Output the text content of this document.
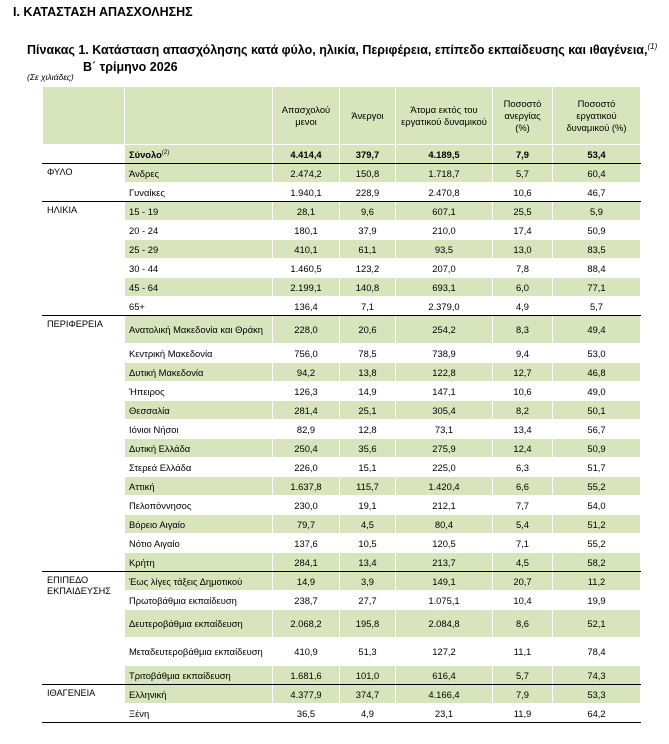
Ι. ΚΑΤΑΣΤΑΣΗ ΑΠΑΣΧΟΛΗΣΗΣ
Πίνακας 1. Κατάσταση απασχόλησης κατά φύλο, ηλικία, Περιφέρεια, επίπεδο εκπαίδευσης και ιθαγένεια,$^{(1)}$
Β΄ τρίμηνο 2026
(Σε χιλιάδες)
		Απασχολού μενοι	Άνεργοι	Άτομα εκτός του εργατικού δυναμικού	Ποσοστό ανεργίας (%)	Ποσοστό εργατικού δυναμικού (%)
	Σύνολο$^{(2)}$	4.414,4	379,7	4.189,5	7,9	53,4
ΦΥΛΟ	Άνδρες	2.474,2	150,8	1.718,7	5,7	60,4
	Γυναίκες	1.940,1	228,9	2.470,8	10,6	46,7
ΗΛΙΚΙΑ	15 - 19	28,1	9,6	607,1	25,5	5,9
	20 - 24	180,1	37,9	210,0	17,4	50,9
	25 - 29	410,1	61,1	93,5	13,0	83,5
	30 - 44	1.460,5	123,2	207,0	7,8	88,4
	45 - 64	2.199,1	140,8	693,1	6,0	77,1
	65+	136,4	7,1	2.379,0	4,9	5,7
ΠΕΡΙΦΕΡΕΙΑ	Ανατολική Μακεδονία και Θράκη	228,0	20,6	254,2	8,3	49,4
	Κεντρική Μακεδονία	756,0	78,5	738,9	9,4	53,0
	Δυτική Μακεδονία	94,2	13,8	122,8	12,7	46,8
	Ήπειρος	126,3	14,9	147,1	10,6	49,0
	Θεσσαλία	281,4	25,1	305,4	8,2	50,1
	Ιόνιοι Νήσοι	82,9	12,8	73,1	13,4	56,7
	Δυτική Ελλάδα	250,4	35,6	275,9	12,4	50,9
	Στερεά Ελλάδα	226,0	15,1	225,0	6,3	51,7
	Αττική	1.637,8	115,7	1.420,4	6,6	55,2
	Πελοπόννησος	230,0	19,1	212,1	7,7	54,0
	Βόρειο Αιγαίο	79,7	4,5	80,4	5,4	51,2
	Νότιο Αιγαίο	137,6	10,5	120,5	7,1	55,2
	Κρήτη	284,1	13,4	213,7	4,5	58,2
ΕΠΙΠΕΔΟ ΕΚΠΑΙΔΕΥΣΗΣ	Έως λίγες τάξεις Δημοτικού	14,9	3,9	149,1	20,7	11,2
	Πρωτοβάθμια εκπαίδευση	238,7	27,7	1.075,1	10,4	19,9
	Δευτεροβάθμια εκπαίδευση	2.068,2	195,8	2.084,8	8,6	52,1
	Μεταδευτεροβάθμια εκπαίδευση	410,9	51,3	127,2	11,1	78,4
	Τριτοβάθμια εκπαίδευση	1.681,6	101,0	616,4	5,7	74,3
ΙΘΑΓΕΝΕΙΑ	Ελληνική	4.377,9	374,7	4.166,4	7,9	53,3
	Ξένη	36,5	4,9	23,1	11,9	64,2
